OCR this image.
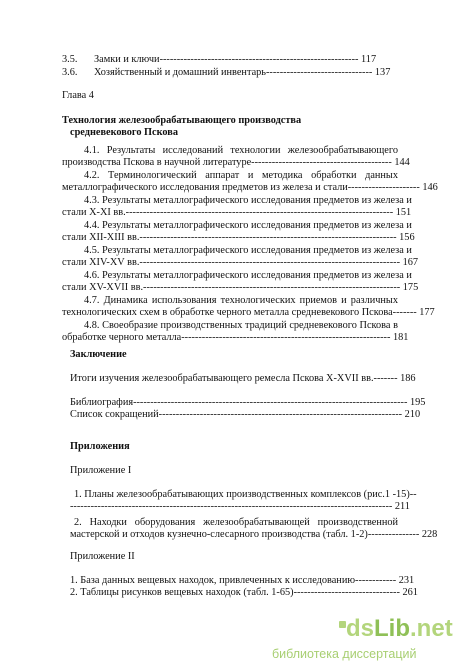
3.5. Замки и ключи---------------------------------------------------------- 117
3.6. Хозяйственный и домашний инвентарь------------------------------- 137
Глава 4
Технология железообрабатывающего производства
средневекового Пскова
4.1. Результаты исследований технологии железообрабатывающего
производства Пскова в научной литературе----------------------------------------- 144
4.2. Терминологический аппарат и методика обработки данных
металлографического исследования предметов из железа и стали--------------------- 146
4.3. Результаты металлографического исследования предметов из железа и
стали X-XI вв.------------------------------------------------------------------------------ 151
4.4. Результаты металлографического исследования предметов из железа и
стали XII-XIII вв.--------------------------------------------------------------------------- 156
4.5. Результаты металлографического исследования предметов из железа и
стали XIV-XV вв.---------------------------------------------------------------------------- 167
4.6. Результаты металлографического исследования предметов из железа и
стали XV-XVII вв.--------------------------------------------------------------------------- 175
4.7. Динамика использования технологических приемов и различных
технологических схем в обработке черного металла средневекового Пскова------- 177
4.8. Своеобразие производственных традиций средневекового Пскова в
обработке черного металла------------------------------------------------------------- 181
Заключение
Итоги изучения железообрабатывающего ремесла Пскова X-XVII вв.------- 186
Библиография-------------------------------------------------------------------------------- 195
Список сокращений----------------------------------------------------------------------- 210
Приложения
Приложение I
1. Планы железообрабатывающих производственных комплексов (рис.1 -15)--
---------------------------------------------------------------------------------------------- 211
2. Находки оборудования железообрабатывающей производственной
мастерской и отходов кузнечно-слесарного производства (табл. 1-2)--------------- 228
Приложение II
1. База данных вещевых находок, привлеченных к исследованию------------ 231
2. Таблицы рисунков вещевых находок (табл. 1-65)------------------------------- 261
dsLib.net
библиотека диссертаций
